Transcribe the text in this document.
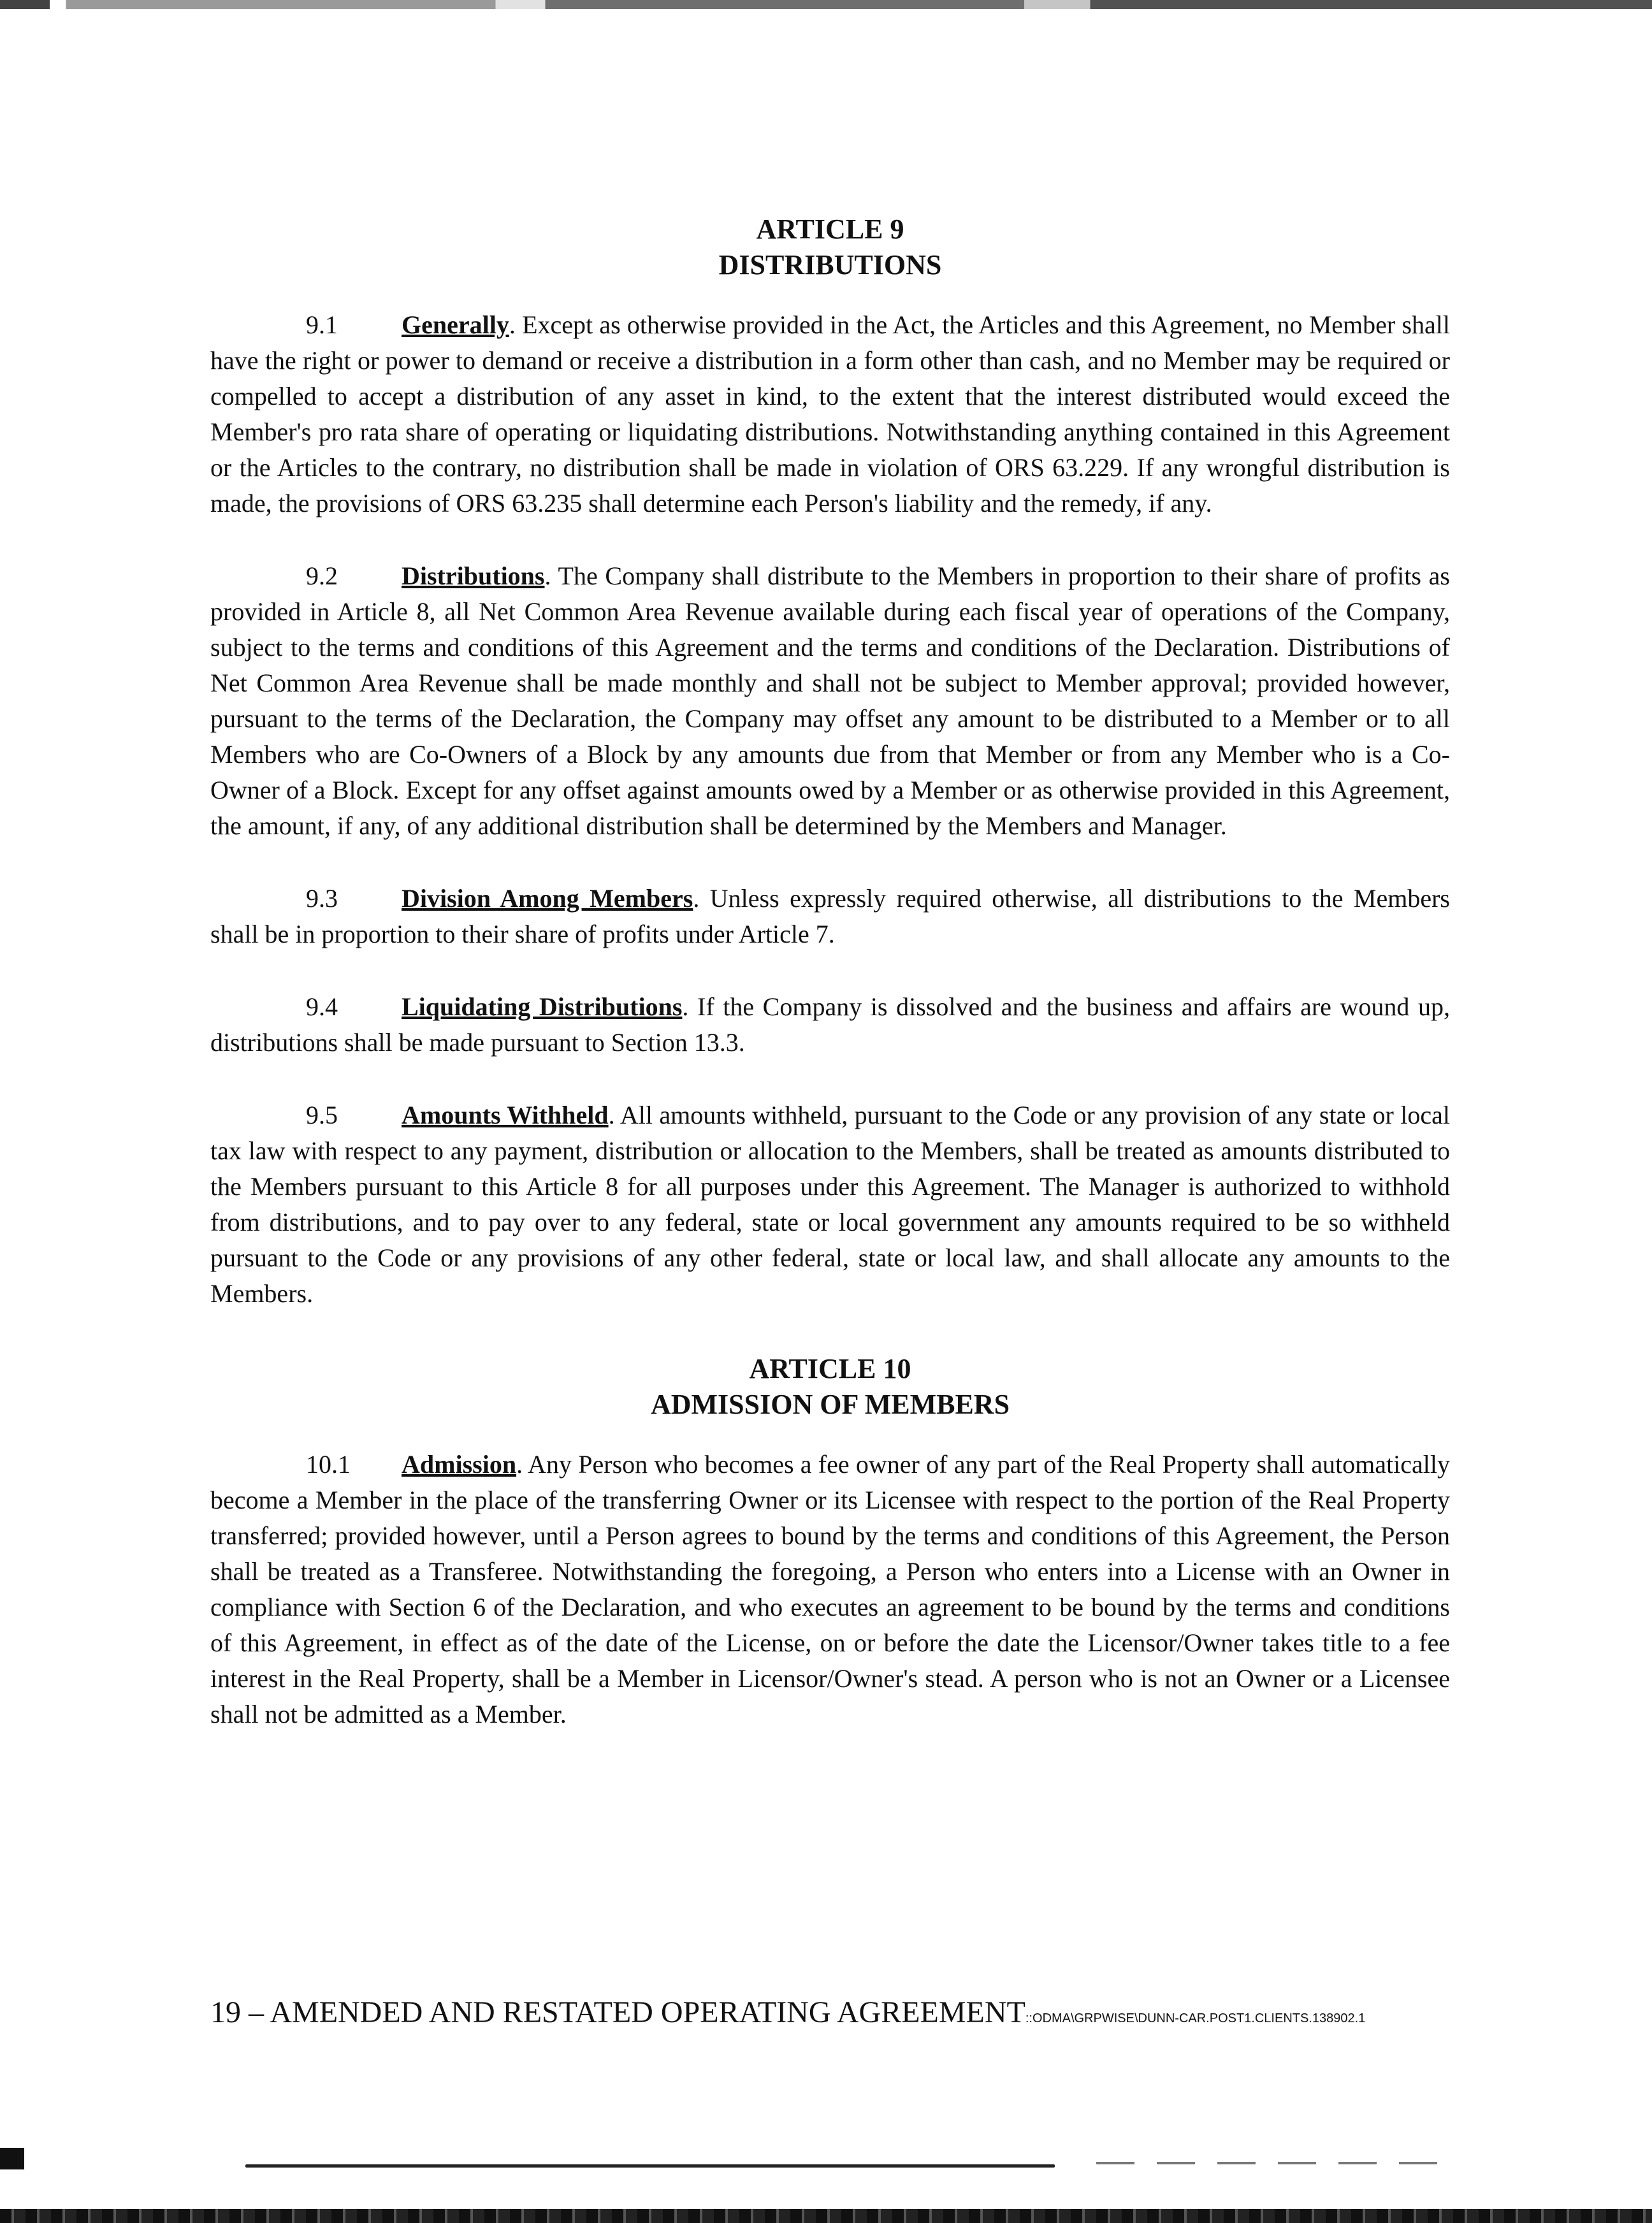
ARTICLE 9
DISTRIBUTIONS

9.1	Generally. Except as otherwise provided in the Act, the Articles and this Agreement, no Member shall have the right or power to demand or receive a distribution in a form other than cash, and no Member may be required or compelled to accept a distribution of any asset in kind, to the extent that the interest distributed would exceed the Member's pro rata share of operating or liquidating distributions. Notwithstanding anything contained in this Agreement or the Articles to the contrary, no distribution shall be made in violation of ORS 63.229. If any wrongful distribution is made, the provisions of ORS 63.235 shall determine each Person's liability and the remedy, if any.

9.2	Distributions. The Company shall distribute to the Members in proportion to their share of profits as provided in Article 8, all Net Common Area Revenue available during each fiscal year of operations of the Company, subject to the terms and conditions of this Agreement and the terms and conditions of the Declaration. Distributions of Net Common Area Revenue shall be made monthly and shall not be subject to Member approval; provided however, pursuant to the terms of the Declaration, the Company may offset any amount to be distributed to a Member or to all Members who are Co-Owners of a Block by any amounts due from that Member or from any Member who is a Co-Owner of a Block. Except for any offset against amounts owed by a Member or as otherwise provided in this Agreement, the amount, if any, of any additional distribution shall be determined by the Members and Manager.

9.3	Division Among Members. Unless expressly required otherwise, all distributions to the Members shall be in proportion to their share of profits under Article 7.

9.4	Liquidating Distributions. If the Company is dissolved and the business and affairs are wound up, distributions shall be made pursuant to Section 13.3.

9.5	Amounts Withheld. All amounts withheld, pursuant to the Code or any provision of any state or local tax law with respect to any payment, distribution or allocation to the Members, shall be treated as amounts distributed to the Members pursuant to this Article 8 for all purposes under this Agreement. The Manager is authorized to withhold from distributions, and to pay over to any federal, state or local government any amounts required to be so withheld pursuant to the Code or any provisions of any other federal, state or local law, and shall allocate any amounts to the Members.

ARTICLE 10
ADMISSION OF MEMBERS

10.1 Admission. Any Person who becomes a fee owner of any part of the Real Property shall automatically become a Member in the place of the transferring Owner or its Licensee with respect to the portion of the Real Property transferred; provided however, until a Person agrees to bound by the terms and conditions of this Agreement, the Person shall be treated as a Transferee. Notwithstanding the foregoing, a Person who enters into a License with an Owner in compliance with Section 6 of the Declaration, and who executes an agreement to be bound by the terms and conditions of this Agreement, in effect as of the date of the License, on or before the date the Licensor/Owner takes title to a fee interest in the Real Property, shall be a Member in Licensor/Owner's stead. A person who is not an Owner or a Licensee shall not be admitted as a Member.

19 – AMENDED AND RESTATED OPERATING AGREEMENT::ODMA\GRPWISE\DUNN-CAR.POST1.CLIENTS.138902.1
